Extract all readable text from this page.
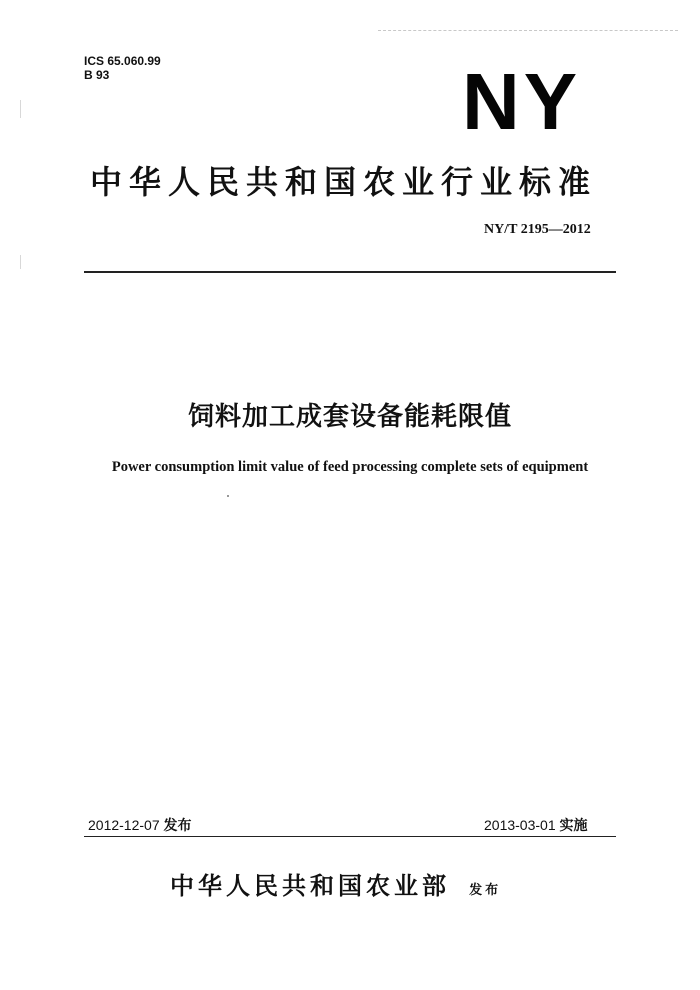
ICS 65.060.99
B 93	NY
中华人民共和国农业行业标准
NY/T 2195—2012
饲料加工成套设备能耗限值
Power consumption limit value of feed processing complete sets of equipment
2012-12-07 发布	2013-03-01 实施
中华人民共和国农业部 发布
